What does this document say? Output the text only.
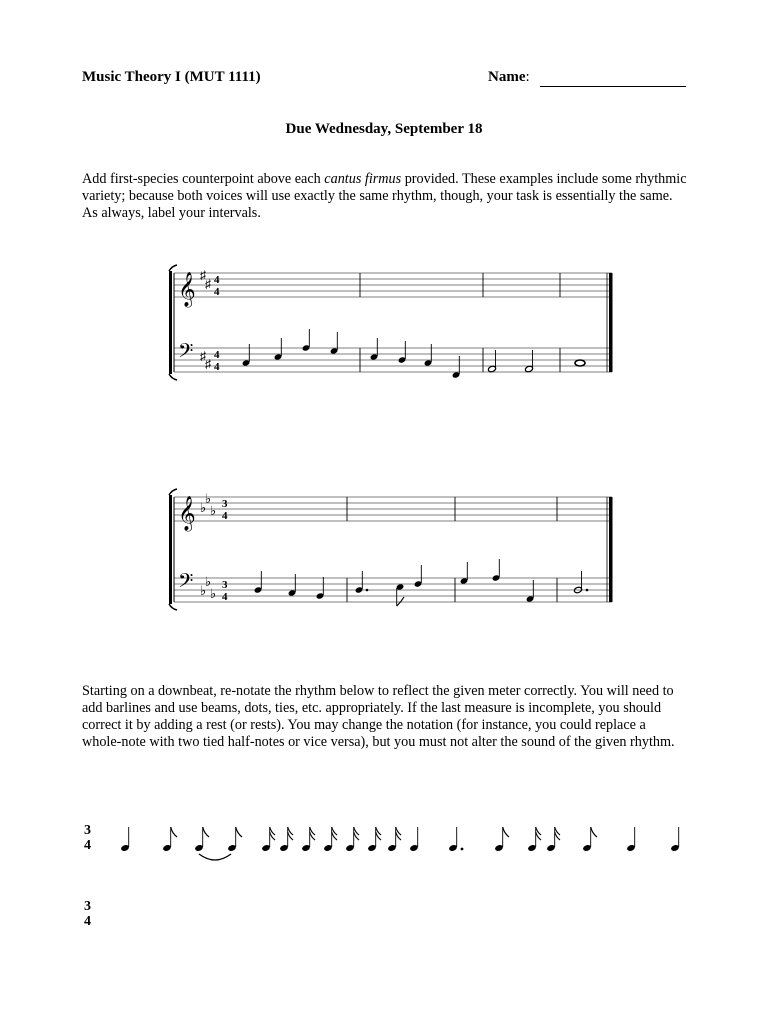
Music Theory I (MUT 1111)	Name:
Due Wednesday, September 18
Add first-species counterpoint above each cantus firmus provided. These examples include some rhythmic variety; because both voices will use exactly the same rhythm, though, your task is essentially the same. As always, label your intervals.
𝄞
𝄢
♯
♯
♯
♯
4
4
4
4
𝄞
𝄢
♭
♭
♭
♭
♭
♭
3
4
3
4
Starting on a downbeat, re-notate the rhythm below to reflect the given meter correctly. You will need to add barlines and use beams, dots, ties, etc. appropriately. If the last measure is incomplete, you should correct it by adding a rest (or rests). You may change the notation (for instance, you could replace a whole-note with two tied half-notes or vice versa), but you must not alter the sound of the given rhythm.
3
4
3
4
